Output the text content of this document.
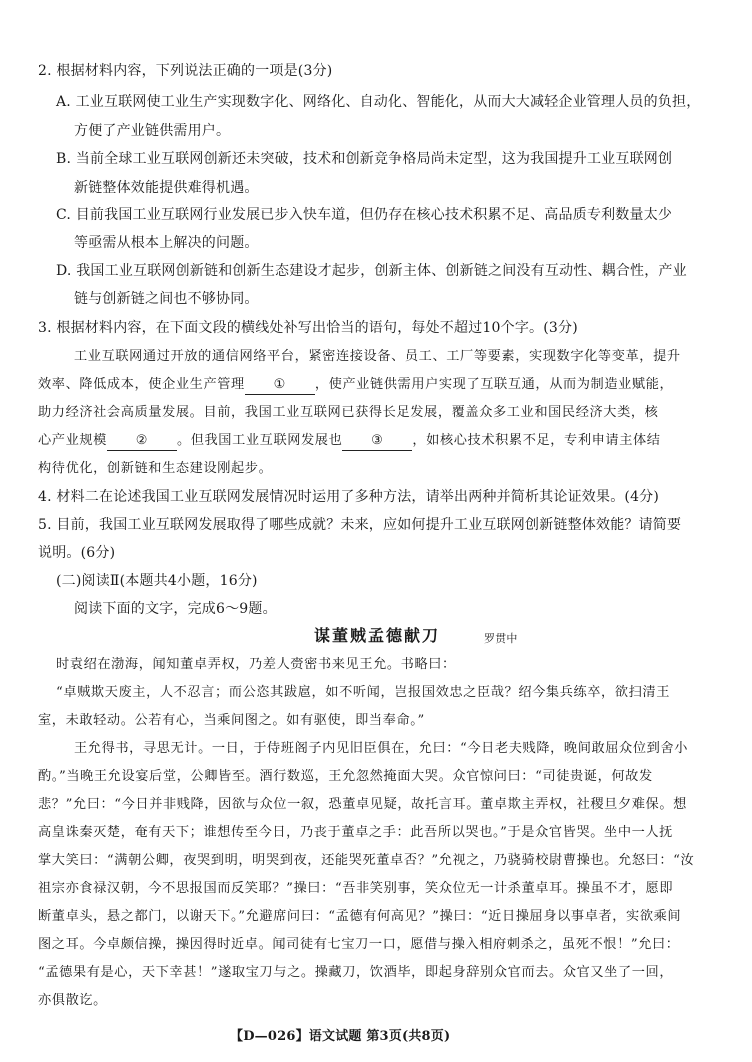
2. 根据材料内容，下列说法正确的一项是(3分)
A. 工业互联网使工业生产实现数字化、网络化、自动化、智能化，从而大大减轻企业管理人员的负担，
方便了产业链供需用户。
B. 当前全球工业互联网创新还未突破，技术和创新竞争格局尚未定型，这为我国提升工业互联网创
新链整体效能提供难得机遇。
C. 目前我国工业互联网行业发展已步入快车道，但仍存在核心技术积累不足、高品质专利数量太少
等亟需从根本上解决的问题。
D. 我国工业互联网创新链和创新生态建设才起步，创新主体、创新链之间没有互动性、耦合性，产业
链与创新链之间也不够协同。
3. 根据材料内容，在下面文段的横线处补写出恰当的语句，每处不超过10个字。(3分)
工业互联网通过开放的通信网络平台，紧密连接设备、员工、工厂等要素，实现数字化等变革，提升
效率、降低成本，使企业生产管理 ① ，使产业链供需用户实现了互联互通，从而为制造业赋能，
助力经济社会高质量发展。目前，我国工业互联网已获得长足发展，覆盖众多工业和国民经济大类，核
心产业规模 ② 。但我国工业互联网发展也 ③ ，如核心技术积累不足，专利申请主体结
构待优化，创新链和生态建设刚起步。
4. 材料二在论述我国工业互联网发展情况时运用了多种方法，请举出两种并简析其论证效果。(4分)
5. 目前，我国工业互联网发展取得了哪些成就？未来，应如何提升工业互联网创新链整体效能？请简要
说明。(6分)
(二)阅读Ⅱ(本题共4小题，16分)
阅读下面的文字，完成6～9题。
谋董贼孟德献刀	罗贯中
时袁绍在渤海，闻知董卓弄权，乃差人赍密书来见王允。书略曰：
“卓贼欺天废主，人不忍言；而公恣其跋扈，如不听闻，岂报国效忠之臣哉？绍今集兵练卒，欲扫清王
室，未敢轻动。公若有心，当乘间图之。如有驱使，即当奉命。”
王允得书，寻思无计。一日，于侍班阁子内见旧臣俱在，允曰：“今日老夫贱降，晚间敢屈众位到舍小
酌。”当晚王允设宴后堂，公卿皆至。酒行数巡，王允忽然掩面大哭。众官惊问曰：“司徒贵诞，何故发
悲？”允曰：“今日并非贱降，因欲与众位一叙，恐董卓见疑，故托言耳。董卓欺主弄权，社稷旦夕难保。想
高皇诛秦灭楚，奄有天下；谁想传至今日，乃丧于董卓之手：此吾所以哭也。”于是众官皆哭。坐中一人抚
掌大笑曰：“满朝公卿，夜哭到明，明哭到夜，还能哭死董卓否？”允视之，乃骁骑校尉曹操也。允怒曰：“汝
祖宗亦食禄汉朝，今不思报国而反笑耶？”操曰：“吾非笑别事，笑众位无一计杀董卓耳。操虽不才，愿即
断董卓头，悬之都门，以谢天下。”允避席问曰：“孟德有何高见？”操曰：“近日操屈身以事卓者，实欲乘间
图之耳。今卓颇信操，操因得时近卓。闻司徒有七宝刀一口，愿借与操入相府刺杀之，虽死不恨！”允曰：
“孟德果有是心，天下幸甚！”遂取宝刀与之。操藏刀，饮酒毕，即起身辞别众官而去。众官又坐了一回，
亦俱散讫。
【D—026】语文试题 第3页(共8页)
